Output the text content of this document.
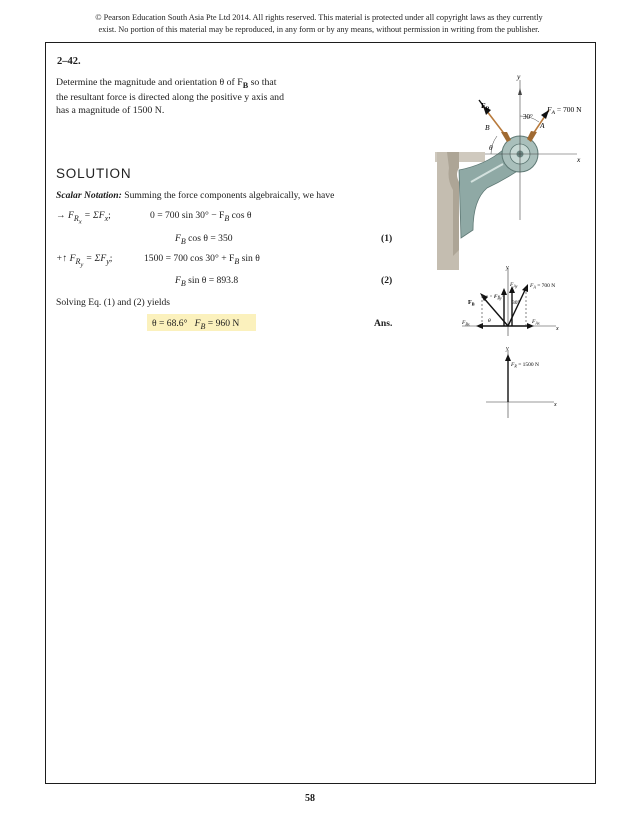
© Pearson Education South Asia Pte Ltd 2014. All rights reserved. This material is protected under all copyright laws as they currently
exist. No portion of this material may be reproduced, in any form or by any means, without permission in writing from the publisher.
2–42.
Determine the magnitude and orientation θ of $F_B$ so that
the resultant force is directed along the positive y axis and
has a magnitude of 1500 N.
SOLUTION
Scalar Notation: Summing the force components algebraically, we have
→ $F_{R_x} = \Sigma F_x$;	0 = 700 $\sin 30^\circ - F_B$ cos θ
$F_B$ cos θ = 350	(1)
+↑ $F_{R_y} = \Sigma F_y$;	1500 = 700 $\cos 30^\circ + F_B$ sin θ
$F_B$ sin θ = 893.8	(2)
Solving Eq. (1) and (2) yields
θ = 68.6° $F_B = 960$ N	Ans.
y
x
$F_B$
30°
$F_A = 700$ N
B	A
θ
y
x
$F_B$
$F_{By}$
$F_{Bx}$
$F_{Ay}$
$F_{Ax}$
$F_A = 700$ N
θ
30°
y
x
$F_R = 1500$ N
58
